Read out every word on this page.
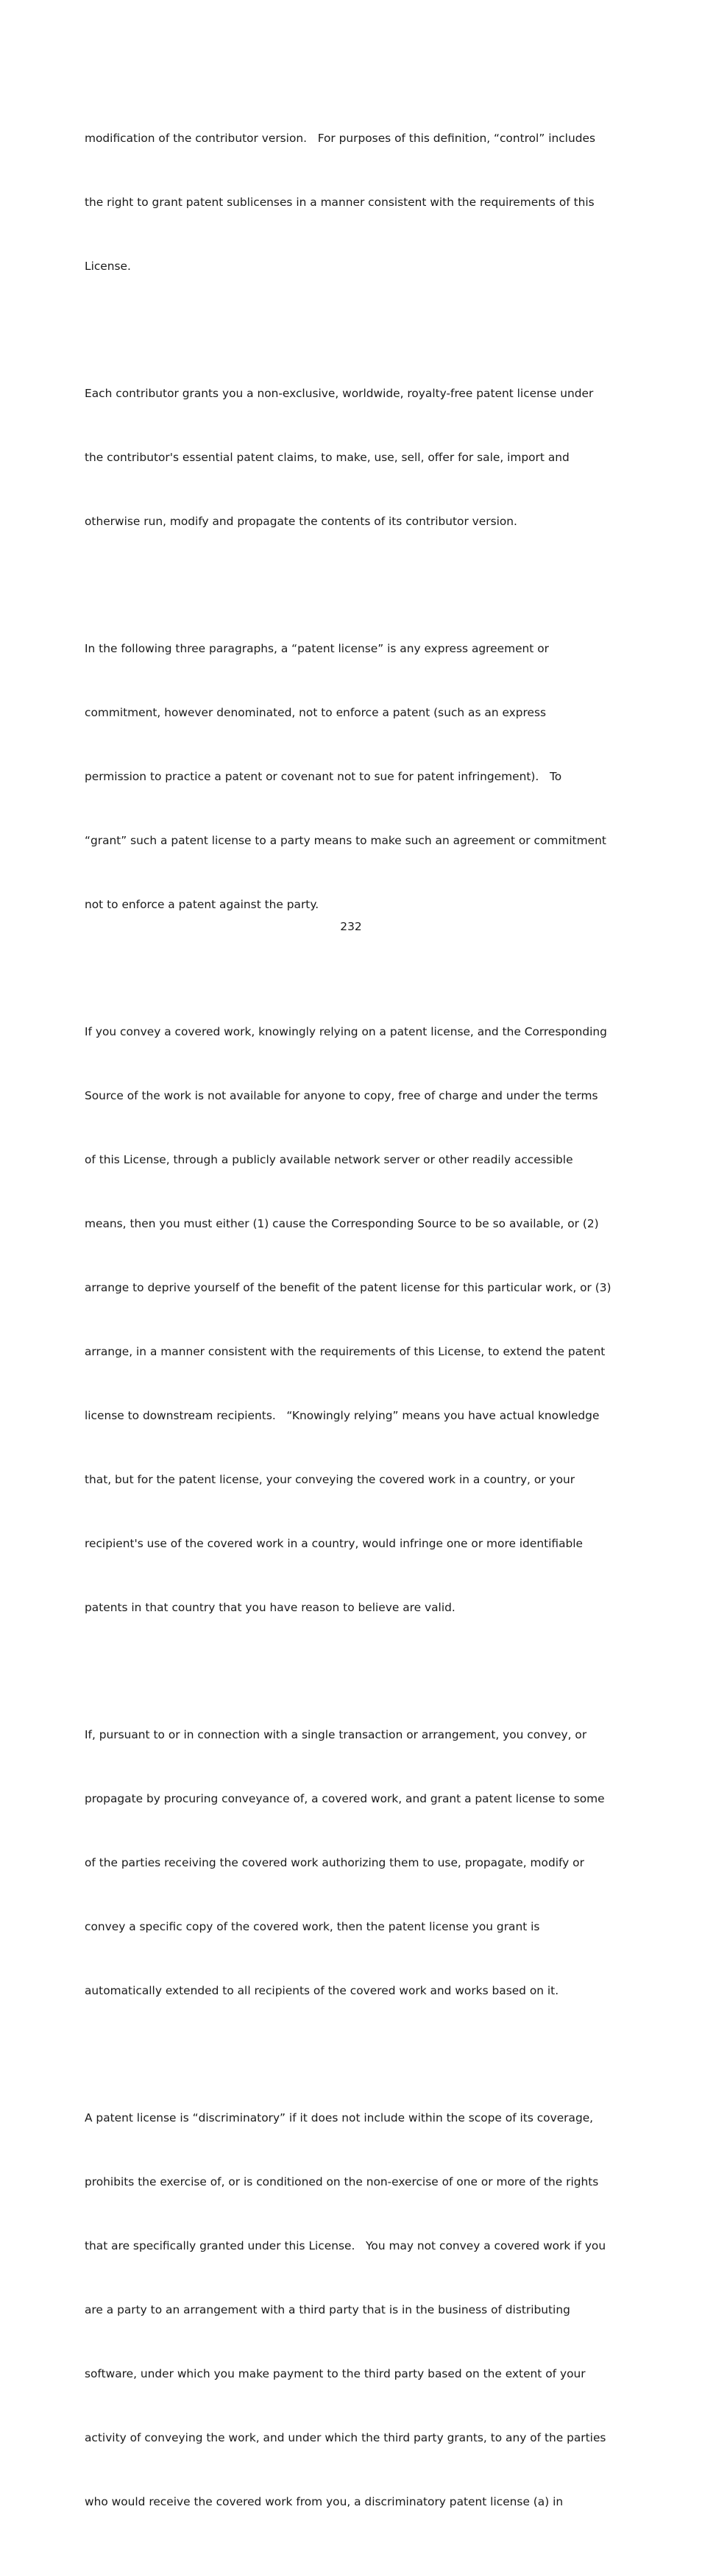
modification of the contributor version.   For purposes of this definition, “control” includes

the right to grant patent sublicenses in a manner consistent with the requirements of this

License.

Each contributor grants you a non-exclusive, worldwide, royalty-free patent license under

the contributor's essential patent claims, to make, use, sell, offer for sale, import and

otherwise run, modify and propagate the contents of its contributor version.

In the following three paragraphs, a “patent license” is any express agreement or

commitment, however denominated, not to enforce a patent (such as an express

permission to practice a patent or covenant not to sue for patent infringement).   To

“grant” such a patent license to a party means to make such an agreement or commitment

not to enforce a patent against the party.

If you convey a covered work, knowingly relying on a patent license, and the Corresponding

Source of the work is not available for anyone to copy, free of charge and under the terms

of this License, through a publicly available network server or other readily accessible

means, then you must either (1) cause the Corresponding Source to be so available, or (2)

arrange to deprive yourself of the benefit of the patent license for this particular work, or (3)

arrange, in a manner consistent with the requirements of this License, to extend the patent

license to downstream recipients.   “Knowingly relying” means you have actual knowledge

that, but for the patent license, your conveying the covered work in a country, or your

recipient's use of the covered work in a country, would infringe one or more identifiable

patents in that country that you have reason to believe are valid.

If, pursuant to or in connection with a single transaction or arrangement, you convey, or

propagate by procuring conveyance of, a covered work, and grant a patent license to some

of the parties receiving the covered work authorizing them to use, propagate, modify or

convey a specific copy of the covered work, then the patent license you grant is

automatically extended to all recipients of the covered work and works based on it.

A patent license is “discriminatory” if it does not include within the scope of its coverage,

prohibits the exercise of, or is conditioned on the non-exercise of one or more of the rights

that are specifically granted under this License.   You may not convey a covered work if you

are a party to an arrangement with a third party that is in the business of distributing

software, under which you make payment to the third party based on the extent of your

activity of conveying the work, and under which the third party grants, to any of the parties

who would receive the covered work from you, a discriminatory patent license (a) in

232
